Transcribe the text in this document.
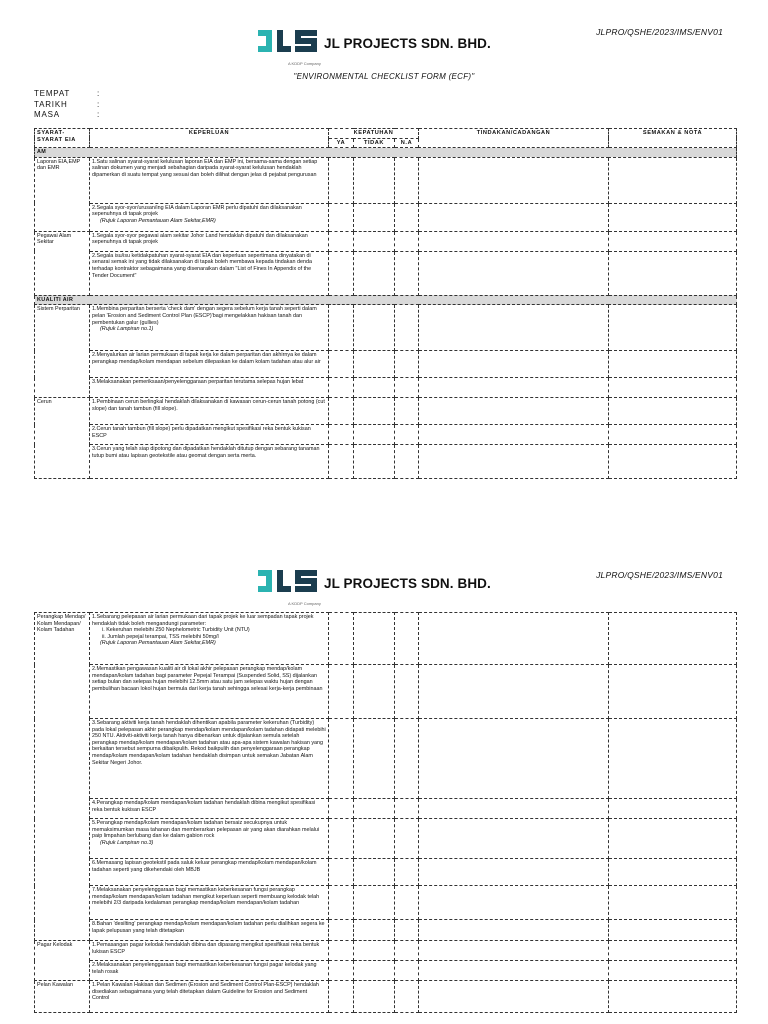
JLPRO/QSHE/2023/IMS/ENV01
JL PROJECTS SDN. BHD.
A KDDP Company
"ENVIRONMENTAL CHECKLIST FORM (ECF)"
TEMPAT	:
TARIKH	:
MASA	:
SYARAT-SYARAT EIA	KEPERLUAN	KEPATUHAN			TINDAKAN/CADANGAN	SEMAKAN & NOTA
		YA	TIDAK	N.A		
AM						
Laporan EIA,EMP dan EMR	1.Satu salinan syarat-syarat kelulusan laporan EIA dan EMP ini, bersama-sama dengan setiap salinan dokumen yang menjadi sebahagian daripada syarat-syarat kelulusan hendaklah dipamerkan di suatu tempat yang sesuai dan boleh dilihat dengan jelas di pejabat pengurusan					
	2.Segala syor-syor/urusan/ing EIA dalam Laporan EMR perlu dipatuhi dan dilaksanakan sepenuhnya di tapak projek
(Rujuk Laporan Pemantauan Alam Sekitar,EMR)					

Pegawai Alam Sekitar	1.Segala syor-syor pegawai alam sekitar Johor Land hendaklah dipatuhi dan dilaksanakan sepenuhnya di tapak projek					
	2.Segala isu/isu ketidakpatuhan syarat-syarat EIA dan keperluan sepertimana dinyatakan di senarai semak ini yang tidak dilaksanakan di tapak boleh membawa kepada tindakan denda terhadap kontraktor sebagaimana yang disenaraikan dalam "List of Fines In Appendix of the Tender Document"					
KUALITI AIR						
Sistem Perparitan	1.Membina perparitan berserta 'check dam' dengan segera sebelum kerja tanah seperti dalam pelan 'Erosion and Sediment Control Plan (ESCP)'bagi mengelakkan hakisan tanah dan pembentukan galur (gullies)
(Rujuk Lampiran no.1)					

	2.Menyalurkan air larian permukaan di tapak kerja ke dalam perparitan dan akhirnya ke dalam perangkap mendap/kolam mendapan sebelum dilepaskan ke dalam kolam tadahan atau alur air					
	3.Melaksanakan pemeriksaan/penyelenggaraan perparitan terutama selepas hujan lebat					
Cerun	1.Pembinaan cerun berlingkal hendaklah dilaksanakan di kawasan cerun-cerun tanah potong (cut slope) dan tanah tambun (fill slope).					
	2.Cerun tanah tambun (fill slope) perlu dipadatkan mengikut spesifikasi reka bentuk kukisan ESCP					
	3.Cerun yang telah siap dipotong dan dipadatkan hendaklah ditutup dengan sebarang tanaman tutup bumi atau lapisan geotekstile atau geomat dengan serta merta.					
JLPRO/QSHE/2023/IMS/ENV01
JL PROJECTS SDN. BHD.
A KDDP Company
Perangkap Mendap/ Kolam Mendapan/ Kolam Tadahan	1.Sebarang pelepasan air larian permukaan dari tapak projek ke luar sempadan tapak projek hendaklah tidak boleh mengandungi parameter:
i. Kekeruhan melebihi 250 Nephelometric Turbidity Unit (NTU)
ii. Jumlah pepejal terampai, TSS melebihi 50mg/l
(Rujuk Laporan Pemantauan Alam Sekitar,EMR)					

	2.Memastikan pengawasan kualiti air di lokal akhir pelepasan perangkap mendap/kolam mendapan/kolam tadahan bagi parameter Pepejal Terampai (Suspended Solid, SS) dijalankan setiap bulan dan selepas hujan melebihi 12.5mm atau satu jam selepas waktu hujan dengan pembulihan bacaan lokol hujan bermula dari kerja tanah sehingga selesai kerja-kerja pembinaan					
	3.Sebarang aktiviti kerja tanah hendaklah dihentikan apabila parameter kekeruhan (Turbidity) pada lokal pelepasan akhir perangkap mendap/kolam mendapan/kolam tadahan didapati melebihi 250 NTU. Aktiviti-aktiviti kerja tanah hanya dibenarkan untuk dijalankan semula setelah perangkap mendap/kolam mendapan/kolam tadahan atau apa-apa sistem kawalan hakisan yang berkaitan tersebut sempurna dibaikpulih. Rekod baikpulih dan penyelenggaraan perangkap mendap/kolam mendapan/kolam tadahan hendaklah disimpan untuk semakan Jabatan Alam Sekitar Negeri Johor.					
	4.Perangkap mendap/kolam mendapan/kolam tadahan hendaklah dibina mengikut spesifikasi reka bentuk kukisan ESCP					
	5.Perangkap mendap/kolam mendapan/kolam tadahan bersaiz secukupnya untuk memaksimumkan masa tahanan dan memberarkan pelepasan air yang akan diarahkan melalui paip limpahan berlubang dan ke dalam gabion rock
(Rujuk Lampiran no.3)					

	6.Memasang lapisan geotekstil pada saluk keluar perangkap mendap/kolam mendapan/kolam tadahan seperti yang dikehendaki oleh MBJB					
	7.Melaksanakan penyelenggaraan bagi memastikan keberkesanan fungsi perangkap mendap/kolam mendapan/kolam tadahan mengikut keperluan seperti membuang kelodak telah melebihi 2/3 daripada kedalaman perangkap mendap/kolam mendapan/kolam tadahan					
	8.Bahan 'desilting' perangkap mendap/kolam mendapan/kolam tadahan perlu dialihkan segera ke lapak pelupusan yang telah ditetapkan					
Pagar Kelodak	1.Pemasangan pagar kelodak hendaklah dibina dan dipasang mengikut spesifikasi reka bentuk lukisan ESCP					
	2.Melaksanakan penyelenggaraan bagi memastikan keberkesanan fungsi pagar kelodak yang telah rosak					
Pelan Kawalan	1.Pelan Kawalan Hakisan dan Sedimen (Erosion and Sediment Control Plan-ESCP) hendaklah disediakan sebagaimana yang telah ditetapkan dalam Guideline for Erosion and Sediment Control					
